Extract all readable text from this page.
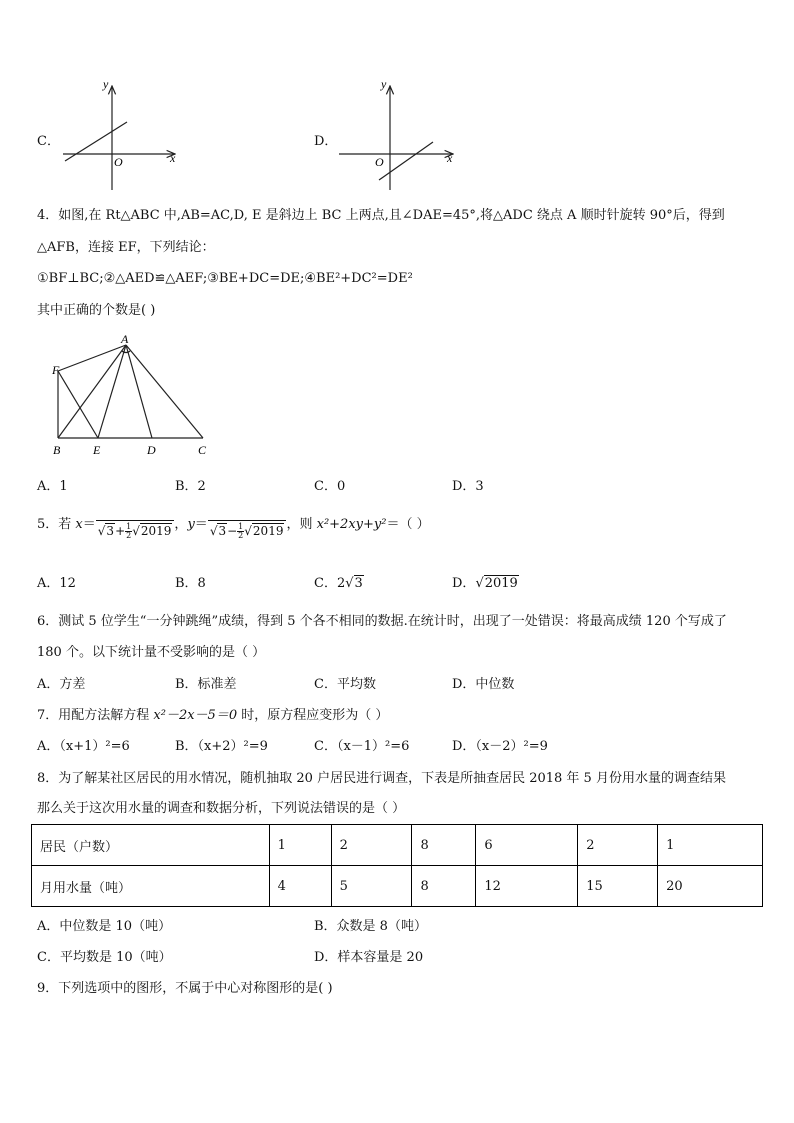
C．
y
x
O
D．
y
x
O
4．如图,在 Rt△ABC 中,AB=AC,D, E 是斜边上 BC 上两点,且∠DAE=45°,将△ADC 绕点 A 顺时针旋转 90°后，得到
△AFB，连接 EF，下列结论：
①BF⊥BC;②△AED≌△AEF;③BE+DC=DE;④BE²+DC²=DE²
其中正确的个数是( )
A
F
B	E	D	C
A．1	B．2	C．0	D．3
5．若 $x= √3+ \frac{1}{2} √2019$ ，$y= √3- \frac{1}{2} √2019$ ，则 x²+2xy+y²＝（ ）
A．12	B．8	C．2√3	D．√2019
6．测试 5 位学生“一分钟跳绳”成绩，得到 5 个各不相同的数据.在统计时，出现了一处错误：将最高成绩 120 个写成了
180 个。以下统计量不受影响的是（ ）
A．方差	B．标准差	C．平均数	D．中位数
7．用配方法解方程 x²－2x－5＝0 时，原方程应变形为（ ）
A．（x+1）²=6	B．（x+2）²=9	C．（x－1）²=6	D．（x－2）²=9
8．为了解某社区居民的用水情况，随机抽取 20 户居民进行调查，下表是所抽查居民 2018 年 5 月份用水量的调查结果
那么关于这次用水量的调查和数据分析，下列说法错误的是（ ）
居民（户数）	1	2	8	6	2	1
月用水量（吨）	4	5	8	12	15	20
A．中位数是 10（吨）	B．众数是 8（吨）
C．平均数是 10（吨）	D．样本容量是 20
9．下列选项中的图形，不属于中心对称图形的是( )
